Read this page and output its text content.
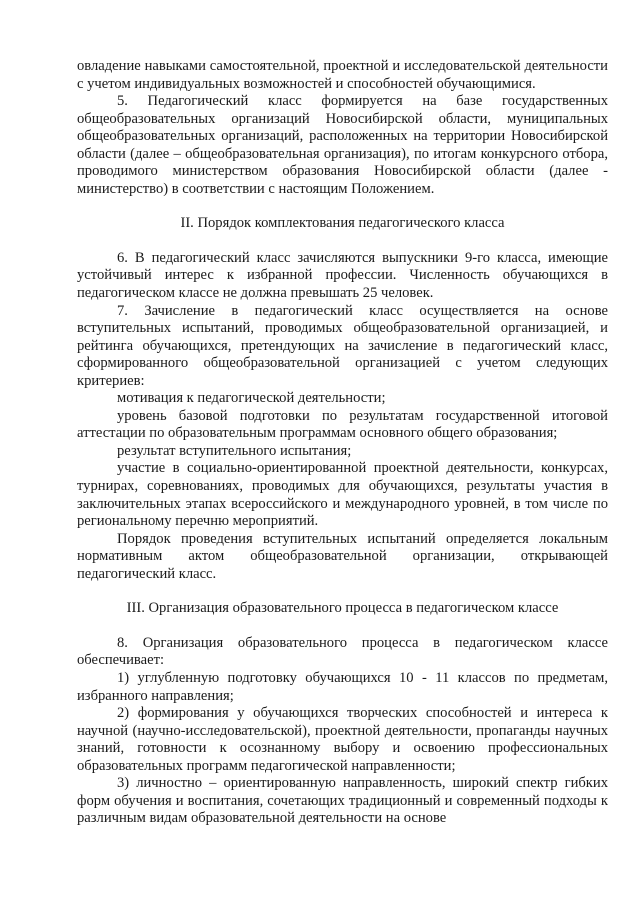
овладение навыками самостоятельной, проектной и исследовательской деятельности с учетом индивидуальных возможностей и способностей обучающимися.
5. Педагогический класс формируется на базе государственных общеобразовательных организаций Новосибирской области, муниципальных общеобразовательных организаций, расположенных на территории Новосибирской области (далее – общеобразовательная организация), по итогам конкурсного отбора, проводимого министерством образования Новосибирской области (далее - министерство) в соответствии с настоящим Положением.
II. Порядок комплектования педагогического класса
6. В педагогический класс зачисляются выпускники 9-го класса, имеющие устойчивый интерес к избранной профессии. Численность обучающихся в педагогическом классе не должна превышать 25 человек.
7. Зачисление в педагогический класс осуществляется на основе вступительных испытаний, проводимых общеобразовательной организацией, и рейтинга обучающихся, претендующих на зачисление в педагогический класс, сформированного общеобразовательной организацией с учетом следующих критериев:
мотивация к педагогической деятельности;
уровень базовой подготовки по результатам государственной итоговой аттестации по образовательным программам основного общего образования;
результат вступительного испытания;
участие в социально-ориентированной проектной деятельности, конкурсах, турнирах, соревнованиях, проводимых для обучающихся, результаты участия в заключительных этапах всероссийского и международного уровней, в том числе по региональному перечню мероприятий.
Порядок проведения вступительных испытаний определяется локальным нормативным актом общеобразовательной организации, открывающей педагогический класс.
III. Организация образовательного процесса в педагогическом классе
8. Организация образовательного процесса в педагогическом классе обеспечивает:
1) углубленную подготовку обучающихся 10 - 11 классов по предметам, избранного направления;
2) формирования у обучающихся творческих способностей и интереса к научной (научно-исследовательской), проектной деятельности, пропаганды научных знаний, готовности к осознанному выбору и освоению профессиональных образовательных программ педагогической направленности;
3) личностно – ориентированную направленность, широкий спектр гибких форм обучения и воспитания, сочетающих традиционный и современный подходы к различным видам образовательной деятельности на основе
